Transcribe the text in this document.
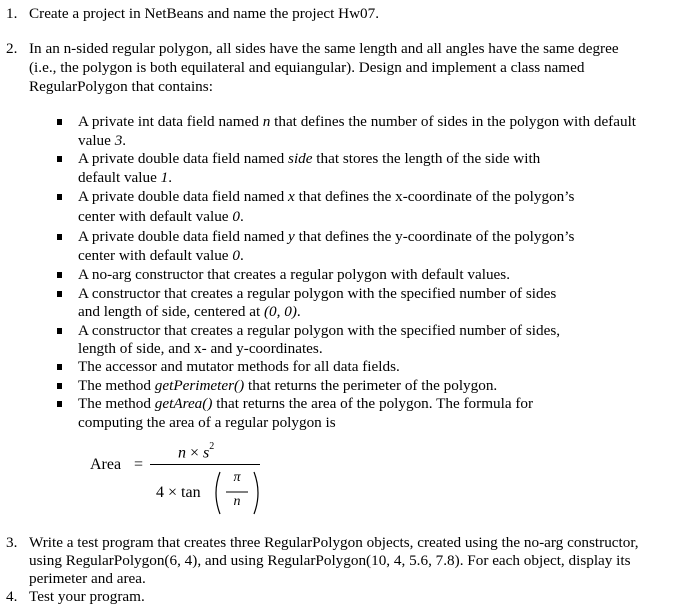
1. Create a project in NetBeans and name the project Hw07.
2. In an n-sided regular polygon, all sides have the same length and all angles have the same degree
(i.e., the polygon is both equilateral and equiangular). Design and implement a class named
RegularPolygon that contains:
A private int data field named n that defines the number of sides in the polygon with default
value 3.
A private double data field named side that stores the length of the side with
default value 1.
A private double data field named x that defines the x-coordinate of the polygon’s
center with default value 0.
A private double data field named y that defines the y-coordinate of the polygon’s
center with default value 0.
A no-arg constructor that creates a regular polygon with default values.
A constructor that creates a regular polygon with the specified number of sides
and length of side, centered at (0, 0).
A constructor that creates a regular polygon with the specified number of sides,
length of side, and x- and y-coordinates.
The accessor and mutator methods for all data fields.
The method getPerimeter() that returns the perimeter of the polygon.
The method getArea() that returns the area of the polygon. The formula for
computing the area of a regular polygon is
Area =
$n \times s^2$
4 × tan
π
n
3. Write a test program that creates three RegularPolygon objects, created using the no-arg constructor,
using RegularPolygon(6, 4), and using RegularPolygon(10, 4, 5.6, 7.8). For each object, display its
perimeter and area.
4. Test your program.
